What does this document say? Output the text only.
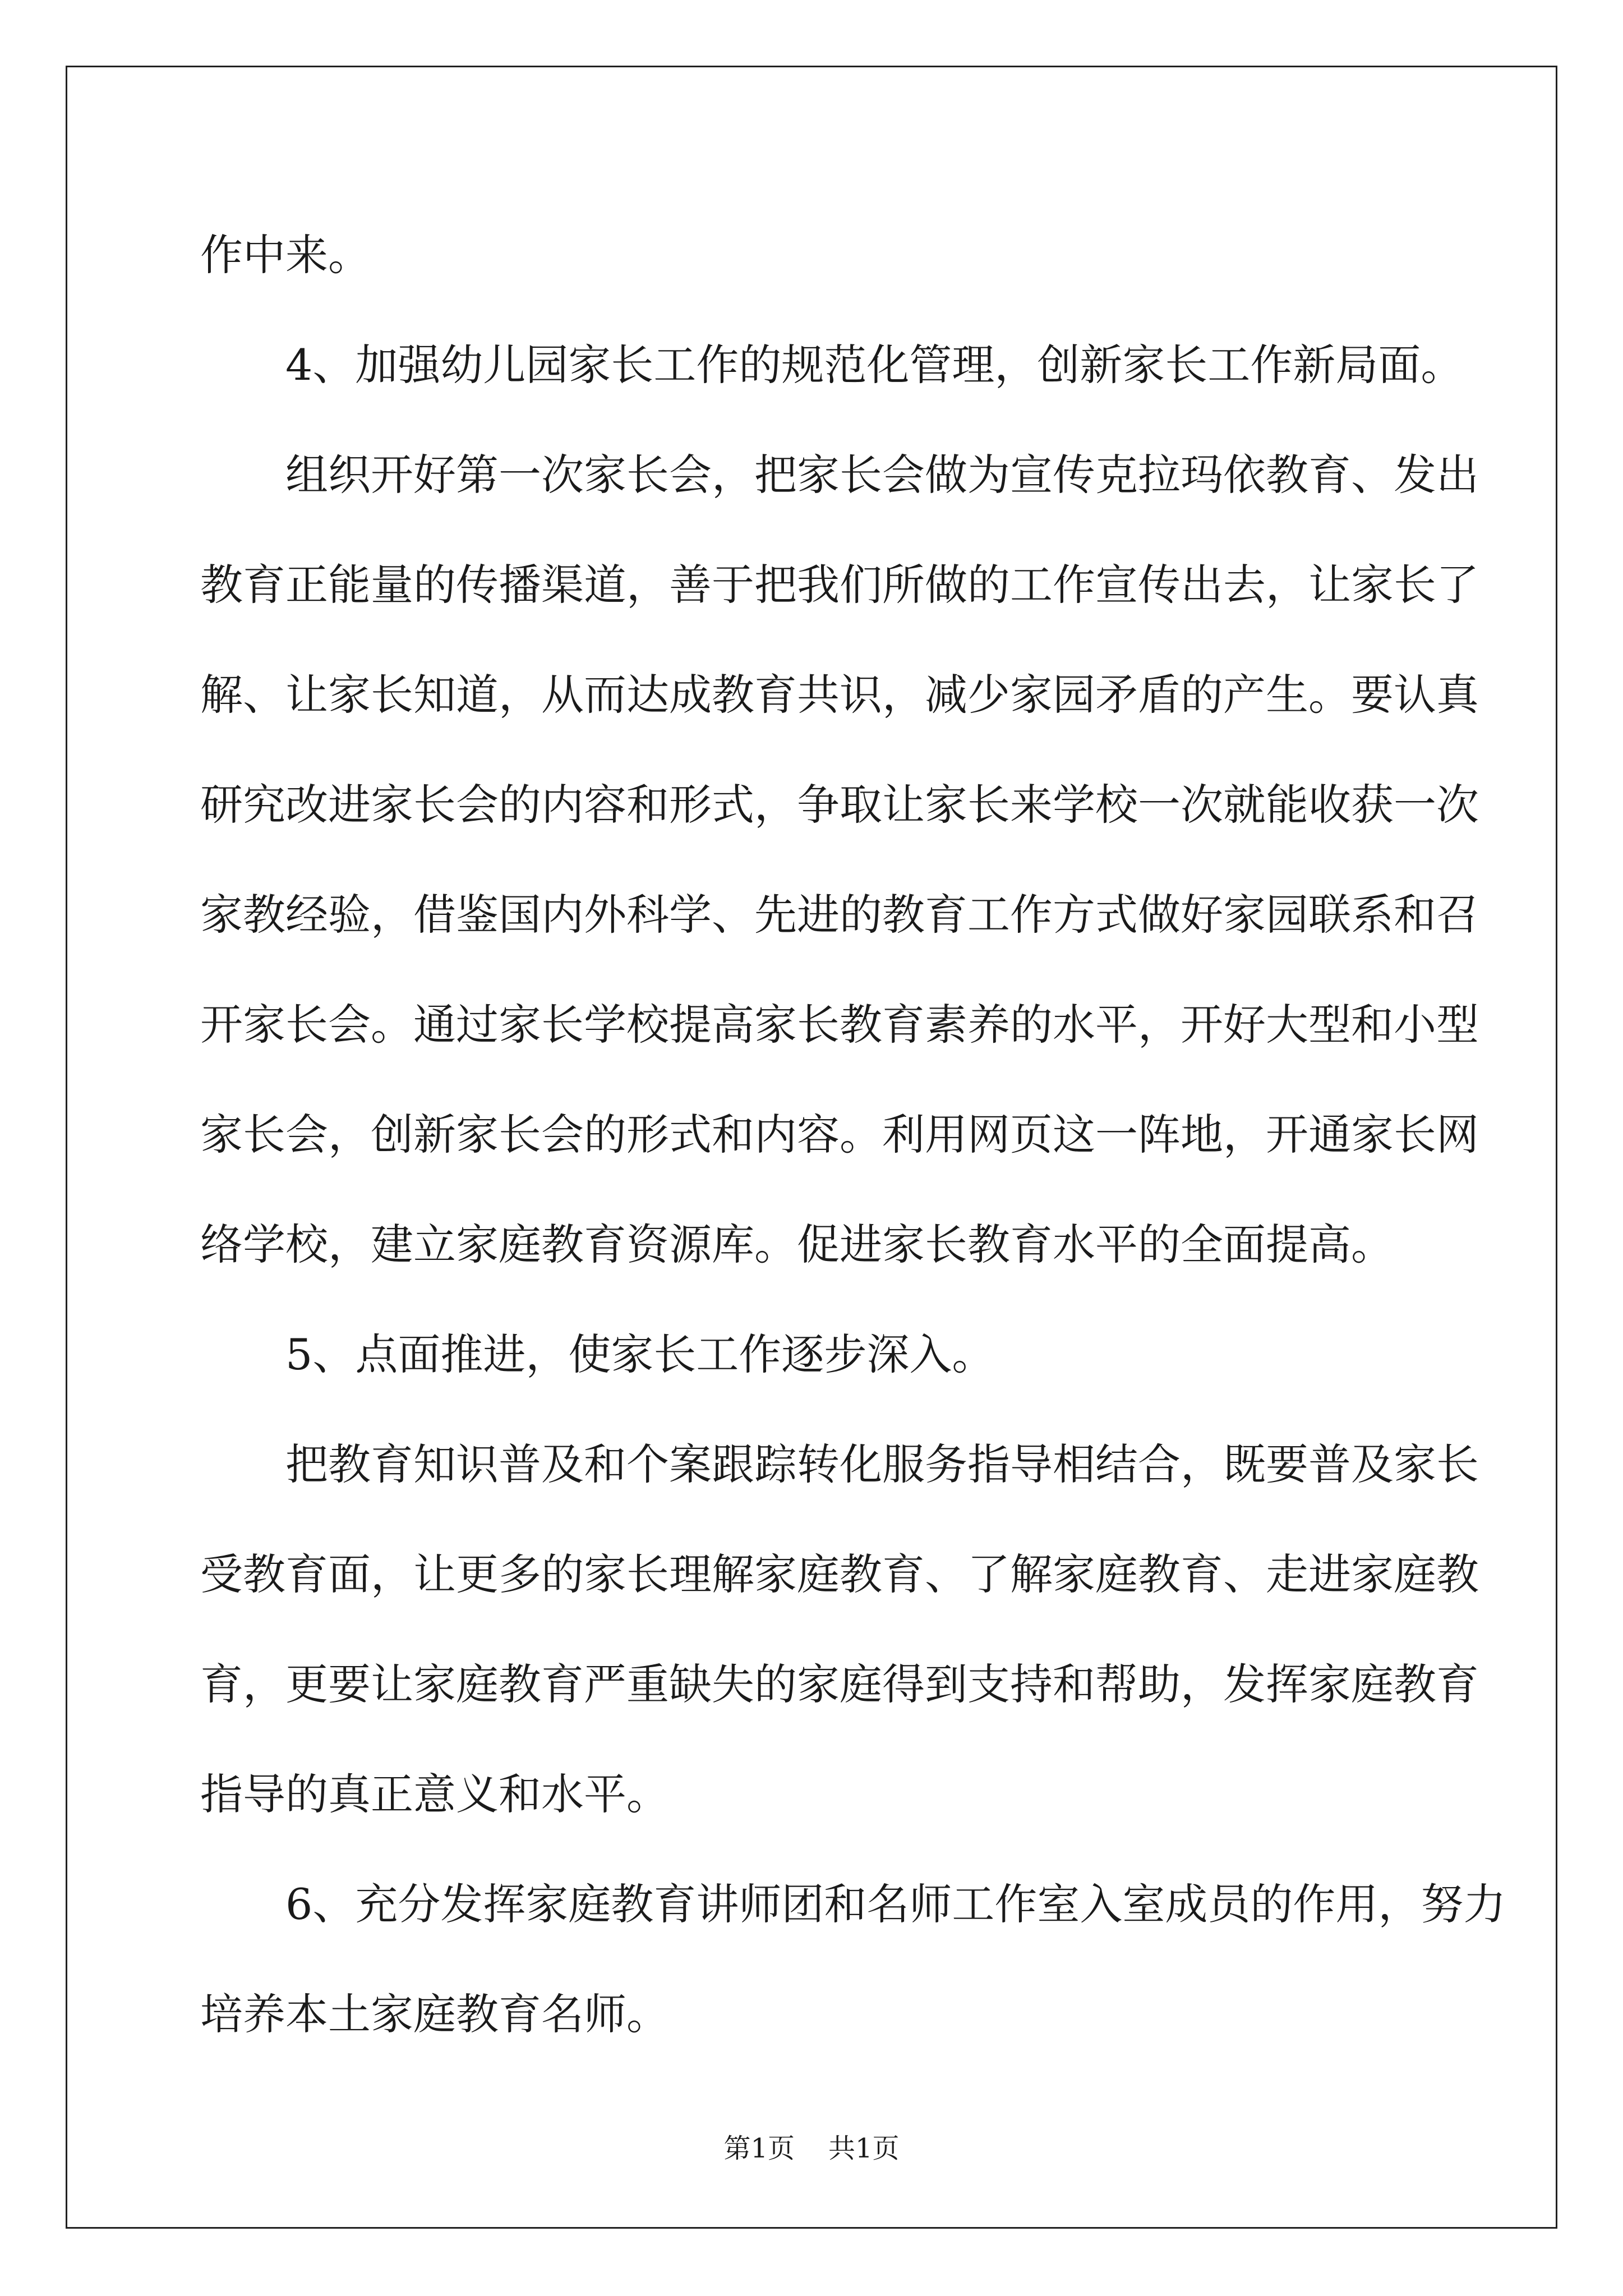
作中来。
4、加强幼儿园家长工作的规范化管理，创新家长工作新局面。
组织开好第一次家长会，把家长会做为宣传克拉玛依教育、发出
教育正能量的传播渠道，善于把我们所做的工作宣传出去，让家长了
解、让家长知道，从而达成教育共识，减少家园矛盾的产生。要认真
研究改进家长会的内容和形式，争取让家长来学校一次就能收获一次
家教经验，借鉴国内外科学、先进的教育工作方式做好家园联系和召
开家长会。通过家长学校提高家长教育素养的水平，开好大型和小型
家长会，创新家长会的形式和内容。利用网页这一阵地，开通家长网
络学校，建立家庭教育资源库。促进家长教育水平的全面提高。
5、点面推进，使家长工作逐步深入。
把教育知识普及和个案跟踪转化服务指导相结合，既要普及家长
受教育面，让更多的家长理解家庭教育、了解家庭教育、走进家庭教
育，更要让家庭教育严重缺失的家庭得到支持和帮助，发挥家庭教育
指导的真正意义和水平。
6、充分发挥家庭教育讲师团和名师工作室入室成员的作用，努力
培养本土家庭教育名师。
第1页 共1页
